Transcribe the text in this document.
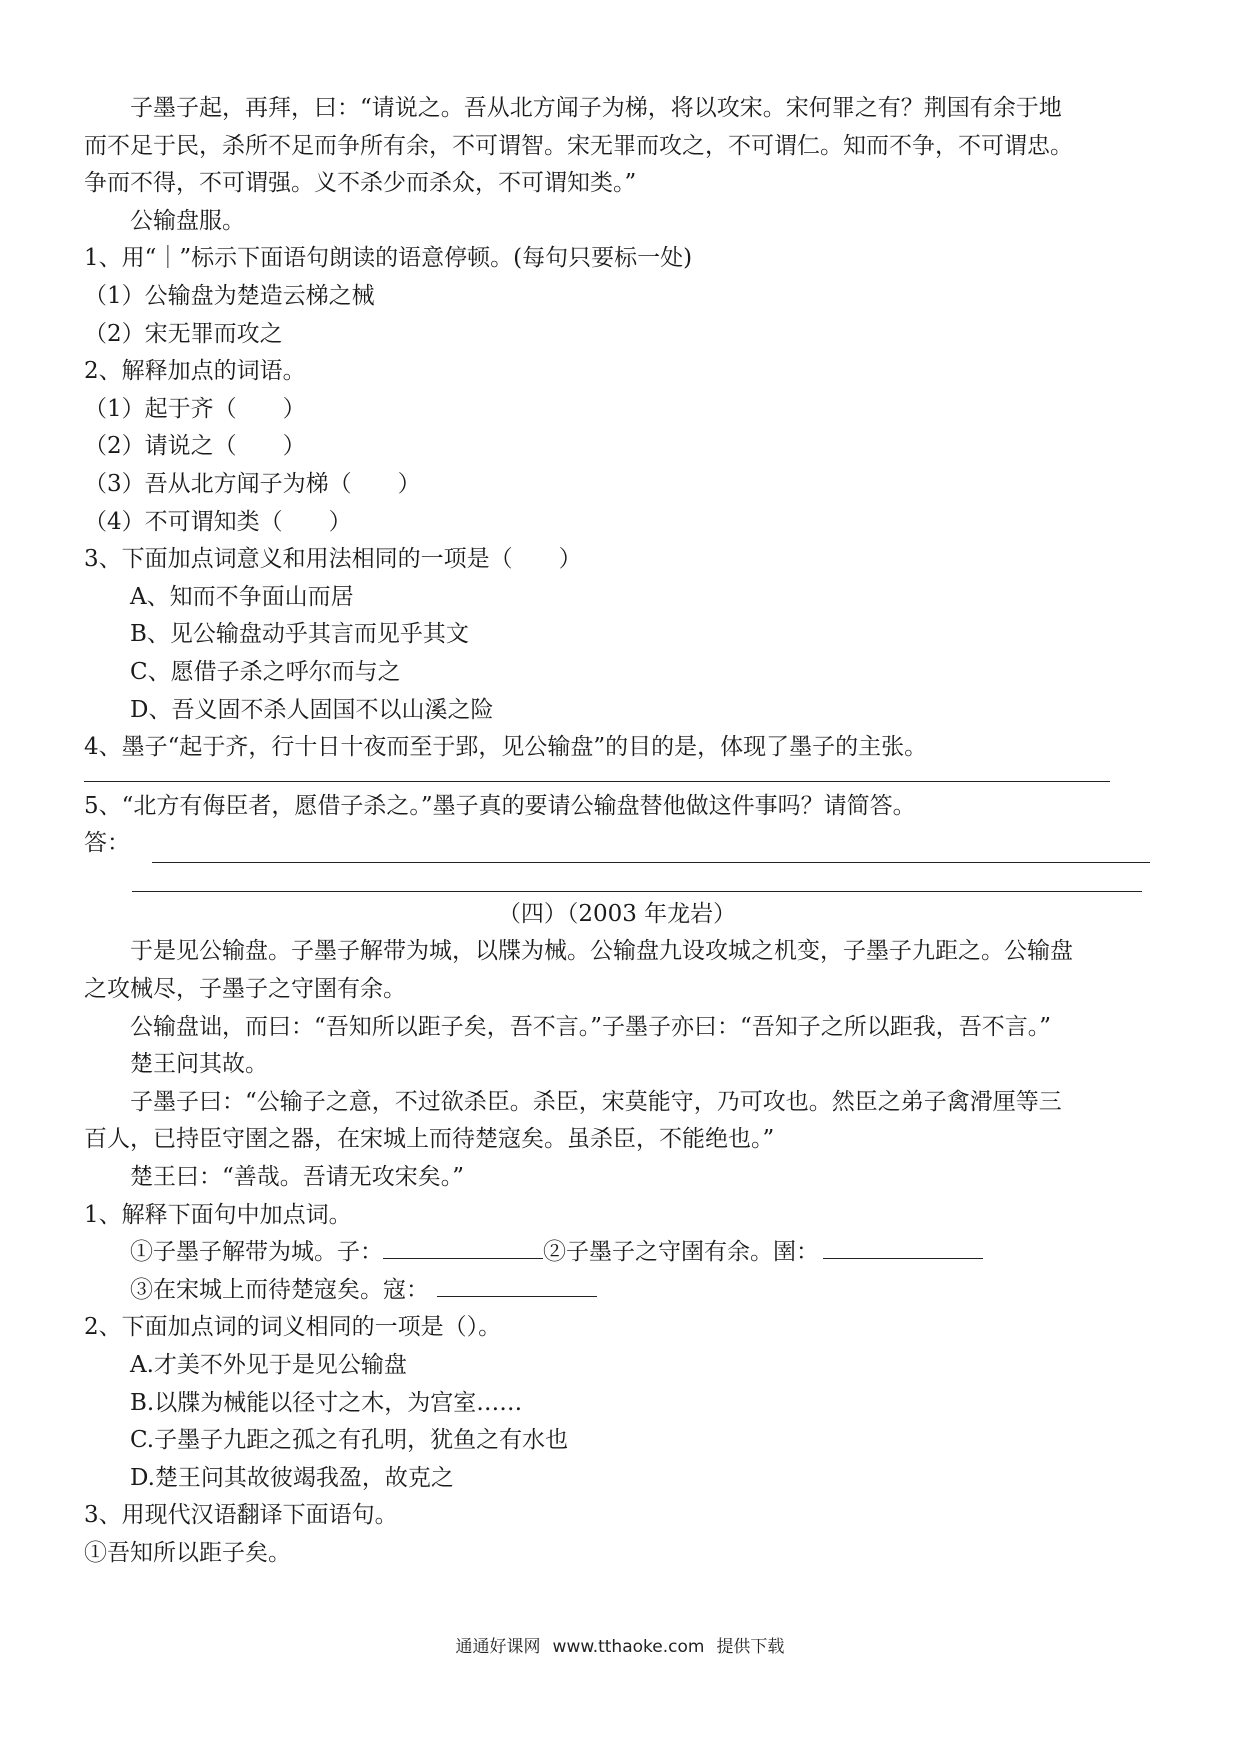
子墨子起，再拜，曰：“请说之。吾从北方闻子为梯，将以攻宋。宋何罪之有？荆国有余于地
而不足于民，杀所不足而争所有余，不可谓智。宋无罪而攻之，不可谓仁。知而不争，不可谓忠。
争而不得，不可谓强。义不杀少而杀众，不可谓知类。”
公输盘服。
1、用“｜”标示下面语句朗读的语意停顿。(每句只要标一处)
（1）公输盘为楚造云梯之械
（2）宋无罪而攻之
2、解释加点的词语。
（1）起于齐（　　）
（2）请说之（　　）
（3）吾从北方闻子为梯（　　）
（4）不可谓知类（　　）
3、下面加点词意义和用法相同的一项是（　　）
A、知而不争面山而居
B、见公输盘动乎其言而见乎其文
C、愿借子杀之呼尔而与之
D、吾义固不杀人固国不以山溪之险
4、墨子“起于齐，行十日十夜而至于郢，见公输盘”的目的是，体现了墨子的主张。
5、“北方有侮臣者，愿借子杀之。”墨子真的要请公输盘替他做这件事吗？请简答。
答：
（四）（2003 年龙岩）
于是见公输盘。子墨子解带为城，以牒为械。公输盘九设攻城之机变，子墨子九距之。公输盘
之攻械尽，子墨子之守圉有余。
公输盘诎，而曰：“吾知所以距子矣，吾不言。”子墨子亦曰：“吾知子之所以距我，吾不言。”
楚王问其故。
子墨子曰：“公输子之意，不过欲杀臣。杀臣，宋莫能守，乃可攻也。然臣之弟子禽滑厘等三
百人，已持臣守圉之器，在宋城上而待楚寇矣。虽杀臣，不能绝也。”
楚王曰：“善哉。吾请无攻宋矣。”
1、解释下面句中加点词。
①子墨子解带为城。子：	②子墨子之守圉有余。圉：
③在宋城上而待楚寇矣。寇：
2、下面加点词的词义相同的一项是（）。
A.才美不外见于是见公输盘
B.以牒为械能以径寸之木，为宫室……
C.子墨子九距之孤之有孔明，犹鱼之有水也
D.楚王问其故彼竭我盈，故克之
3、用现代汉语翻译下面语句。
①吾知所以距子矣。
通通好课网 www.tthaoke.com 提供下载
